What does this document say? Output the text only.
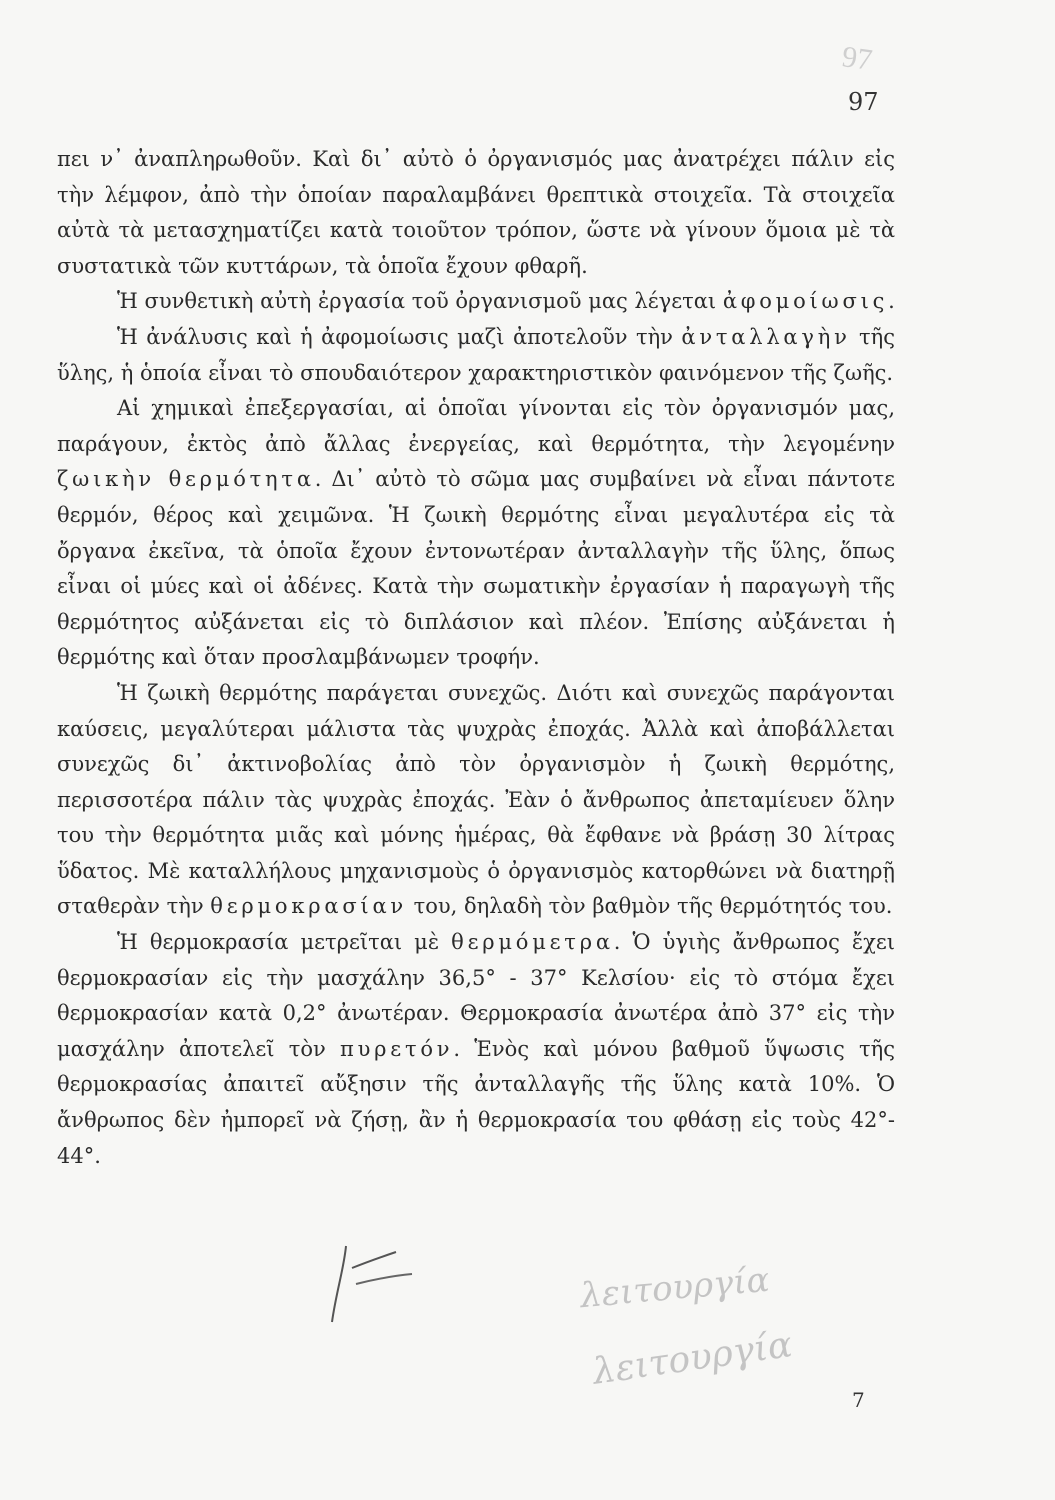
97
97

πει ν᾽ ἀναπληρωθοῦν. Καὶ δι᾽ αὐτὸ ὁ ὀργανισμός μας ἀνατρέχει πάλιν εἰς τὴν λέμφον, ἀπὸ τὴν ὁποίαν παραλαμβάνει θρεπτικὰ στοιχεῖα. Τὰ στοιχεῖα αὐτὰ τὰ μετασχηματίζει κατὰ τοιοῦτον τρόπον, ὥστε νὰ γίνουν ὅμοια μὲ τὰ συστατικὰ τῶν κυττάρων, τὰ ὁποῖα ἔχουν φθαρῆ.

Ἡ συνθετικὴ αὐτὴ ἐργασία τοῦ ὀργανισμοῦ μας λέγεται ἀφομοίωσις.

Ἡ ἀνάλυσις καὶ ἡ ἀφομοίωσις μαζὶ ἀποτελοῦν τὴν ἀνταλλαγὴν τῆς ὕλης, ἡ ὁποία εἶναι τὸ σπουδαιότερον χαρακτηριστικὸν φαινόμενον τῆς ζωῆς.

Αἱ χημικαὶ ἐπεξεργασίαι, αἱ ὁποῖαι γίνονται εἰς τὸν ὀργανισμόν μας, παράγουν, ἐκτὸς ἀπὸ ἄλλας ἐνεργείας, καὶ θερμότητα, τὴν λεγομένην ζωικὴν θερμότητα. Δι᾽ αὐτὸ τὸ σῶμα μας συμβαίνει νὰ εἶναι πάντοτε θερμόν, θέρος καὶ χειμῶνα. Ἡ ζωικὴ θερμότης εἶναι μεγαλυτέρα εἰς τὰ ὄργανα ἐκεῖνα, τὰ ὁποῖα ἔχουν ἐντονωτέραν ἀνταλλαγὴν τῆς ὕλης, ὅπως εἶναι οἱ μύες καὶ οἱ ἀδένες. Κατὰ τὴν σωματικὴν ἐργασίαν ἡ παραγωγὴ τῆς θερμότητος αὐξάνεται εἰς τὸ διπλάσιον καὶ πλέον. Ἐπίσης αὐξάνεται ἡ θερμότης καὶ ὅταν προσλαμβάνωμεν τροφήν.

Ἡ ζωικὴ θερμότης παράγεται συνεχῶς. Διότι καὶ συνεχῶς παράγονται καύσεις, μεγαλύτεραι μάλιστα τὰς ψυχρὰς ἐποχάς. Ἀλλὰ καὶ ἀποβάλλεται συνεχῶς δι᾽ ἀκτινοβολίας ἀπὸ τὸν ὀργανισμὸν ἡ ζωικὴ θερμότης, περισσοτέρα πάλιν τὰς ψυχρὰς ἐποχάς. Ἐὰν ὁ ἄνθρωπος ἀπεταμίευεν ὅλην του τὴν θερμότητα μιᾶς καὶ μόνης ἡμέρας, θὰ ἔφθανε νὰ βράσῃ 30 λίτρας ὕδατος. Μὲ καταλλήλους μηχανισμοὺς ὁ ὀργανισμὸς κατορθώνει νὰ διατηρῇ σταθερὰν τὴν θερμοκρασίαν του, δηλαδὴ τὸν βαθμὸν τῆς θερμότητός του.

Ἡ θερμοκρασία μετρεῖται μὲ θερμόμετρα. Ὁ ὑγιὴς ἄνθρωπος ἔχει θερμοκρασίαν εἰς τὴν μασχάλην 36,5° - 37° Κελσίου· εἰς τὸ στόμα ἔχει θερμοκρασίαν κατὰ 0,2° ἀνωτέραν. Θερμοκρασία ἀνωτέρα ἀπὸ 37° εἰς τὴν μασχάλην ἀποτελεῖ τὸν πυρετόν. Ἑνὸς καὶ μόνου βαθμοῦ ὕψωσις τῆς θερμοκρασίας ἀπαιτεῖ αὔξησιν τῆς ἀνταλλαγῆς τῆς ὕλης κατὰ 10%. Ὁ ἄνθρωπος δὲν ἠμπορεῖ νὰ ζήσῃ, ἂν ἡ θερμοκρασία του φθάσῃ εἰς τοὺς 42°- 44°.

λειτουργία
λειτουργία
7
